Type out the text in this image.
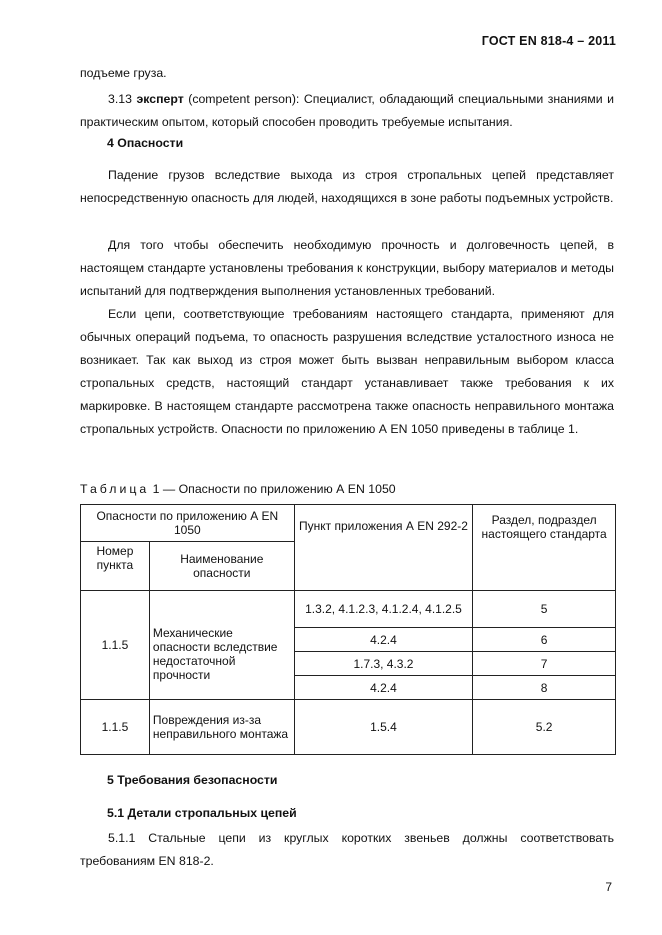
ГОСТ EN 818-4 – 2011
подъеме груза.
3.13 эксперт (competent person): Специалист, обладающий специальными знаниями и практическим опытом, который способен проводить требуемые испытания.
4 Опасности
Падение грузов вследствие выхода из строя стропальных цепей представляет непосредственную опасность для людей, находящихся в зоне работы подъемных устройств.
Для того чтобы обеспечить необходимую прочность и долговечность цепей, в настоящем стандарте установлены требования к конструкции, выбору материалов и методы испытаний для подтверждения выполнения установленных требований.
Если цепи, соответствующие требованиям настоящего стандарта, применяют для обычных операций подъема, то опасность разрушения вследствие усталостного износа не возникает. Так как выход из строя может быть вызван неправильным выбором класса стропальных средств, настоящий стандарт устанавливает также требования к их маркировке. В настоящем стандарте рассмотрена также опасность неправильного монтажа стропальных устройств. Опасности по приложению А EN 1050 приведены в таблице 1.
Таблица 1 — Опасности по приложению А EN 1050
Опасности по приложению А EN 1050		Пункт приложения А EN 292-2	Раздел, подраздел настоящего стандарта
Номер пункта	Наименование опасности		
1.1.5	Механические опасности вследствие недостаточной прочности	1.3.2, 4.1.2.3, 4.1.2.4, 4.1.2.5	5
		4.2.4	6
		1.7.3, 4.3.2	7
		4.2.4	8
1.1.5	Повреждения из-за неправильного монтажа	1.5.4	5.2
5 Требования безопасности
5.1 Детали стропальных цепей
5.1.1 Стальные цепи из круглых коротких звеньев должны соответствовать требованиям EN 818-2.
7
